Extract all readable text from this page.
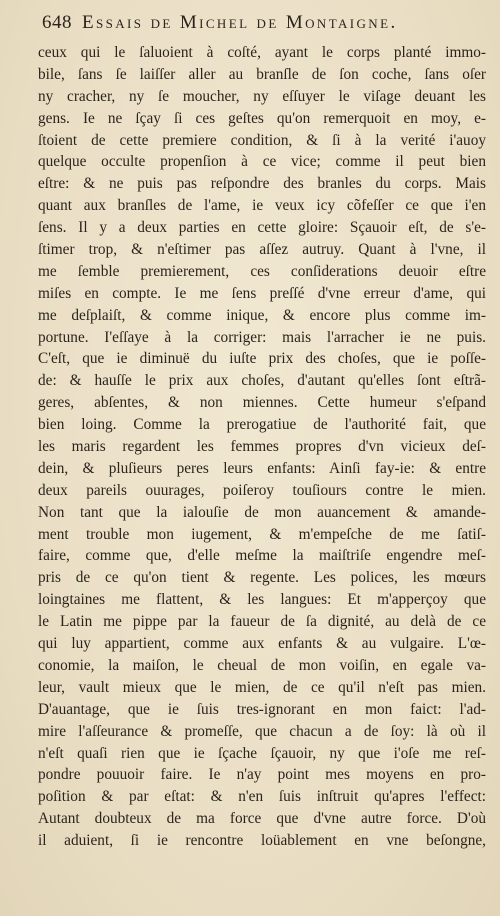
648 Essais de Michel de Montaigne.
ceux qui le ſaluoient à coſté, ayant le corps planté immo-
bile, ſans ſe laiſſer aller au branſle de ſon coche, ſans oſer
ny cracher, ny ſe moucher, ny eſſuyer le viſage deuant les
gens. Ie ne ſçay ſi ces geſtes qu'on remerquoit en moy, e-
ſtoient de cette premiere condition, & ſi à la verité i'auoy
quelque occulte propenſion à ce vice; comme il peut bien
eſtre: & ne puis pas reſpondre des branles du corps. Mais
quant aux branſles de l'ame, ie veux icy cõfeſſer ce que i'en
ſens. Il y a deux parties en cette gloire: Sçauoir eſt, de s'e-
ſtimer trop, & n'eſtimer pas aſſez autruy. Quant à l'vne, il
me ſemble premierement, ces conſiderations deuoir eſtre
miſes en compte. Ie me ſens preſſé d'vne erreur d'ame, qui
me deſplaiſt, & comme inique, & encore plus comme im-
portune. I'eſſaye à la corriger: mais l'arracher ie ne puis.
C'eſt, que ie diminuë du iuſte prix des choſes, que ie poſſe-
de: & hauſſe le prix aux choſes, d'autant qu'elles ſont eſtrã-
geres, abſentes, & non miennes. Cette humeur s'eſpand
bien loing. Comme la prerogatiue de l'authorité fait, que
les maris regardent les femmes propres d'vn vicieux deſ-
dein, & pluſieurs peres leurs enfants: Ainſi fay-ie: & entre
deux pareils ouurages, poiſeroy touſiours contre le mien.
Non tant que la ialouſie de mon auancement & amande-
ment trouble mon iugement, & m'empeſche de me ſatiſ-
faire, comme que, d'elle meſme la maiſtriſe engendre meſ-
pris de ce qu'on tient & regente. Les polices, les mœurs
loingtaines me flattent, & les langues: Et m'apperçoy que
le Latin me pippe par la faueur de ſa dignité, au delà de ce
qui luy appartient, comme aux enfants & au vulgaire. L'œ-
conomie, la maiſon, le cheual de mon voiſin, en egale va-
leur, vault mieux que le mien, de ce qu'il n'eſt pas mien.
D'auantage, que ie ſuis tres-ignorant en mon faict: l'ad-
mire l'aſſeurance & promeſſe, que chacun a de ſoy: là où il
n'eſt quaſi rien que ie ſçache ſçauoir, ny que i'oſe me reſ-
pondre pouuoir faire. Ie n'ay point mes moyens en pro-
poſition & par eſtat: & n'en ſuis inſtruit qu'apres l'effect:
Autant doubteux de ma force que d'vne autre force. D'où
il aduient, ſi ie rencontre loüablement en vne beſongne,
